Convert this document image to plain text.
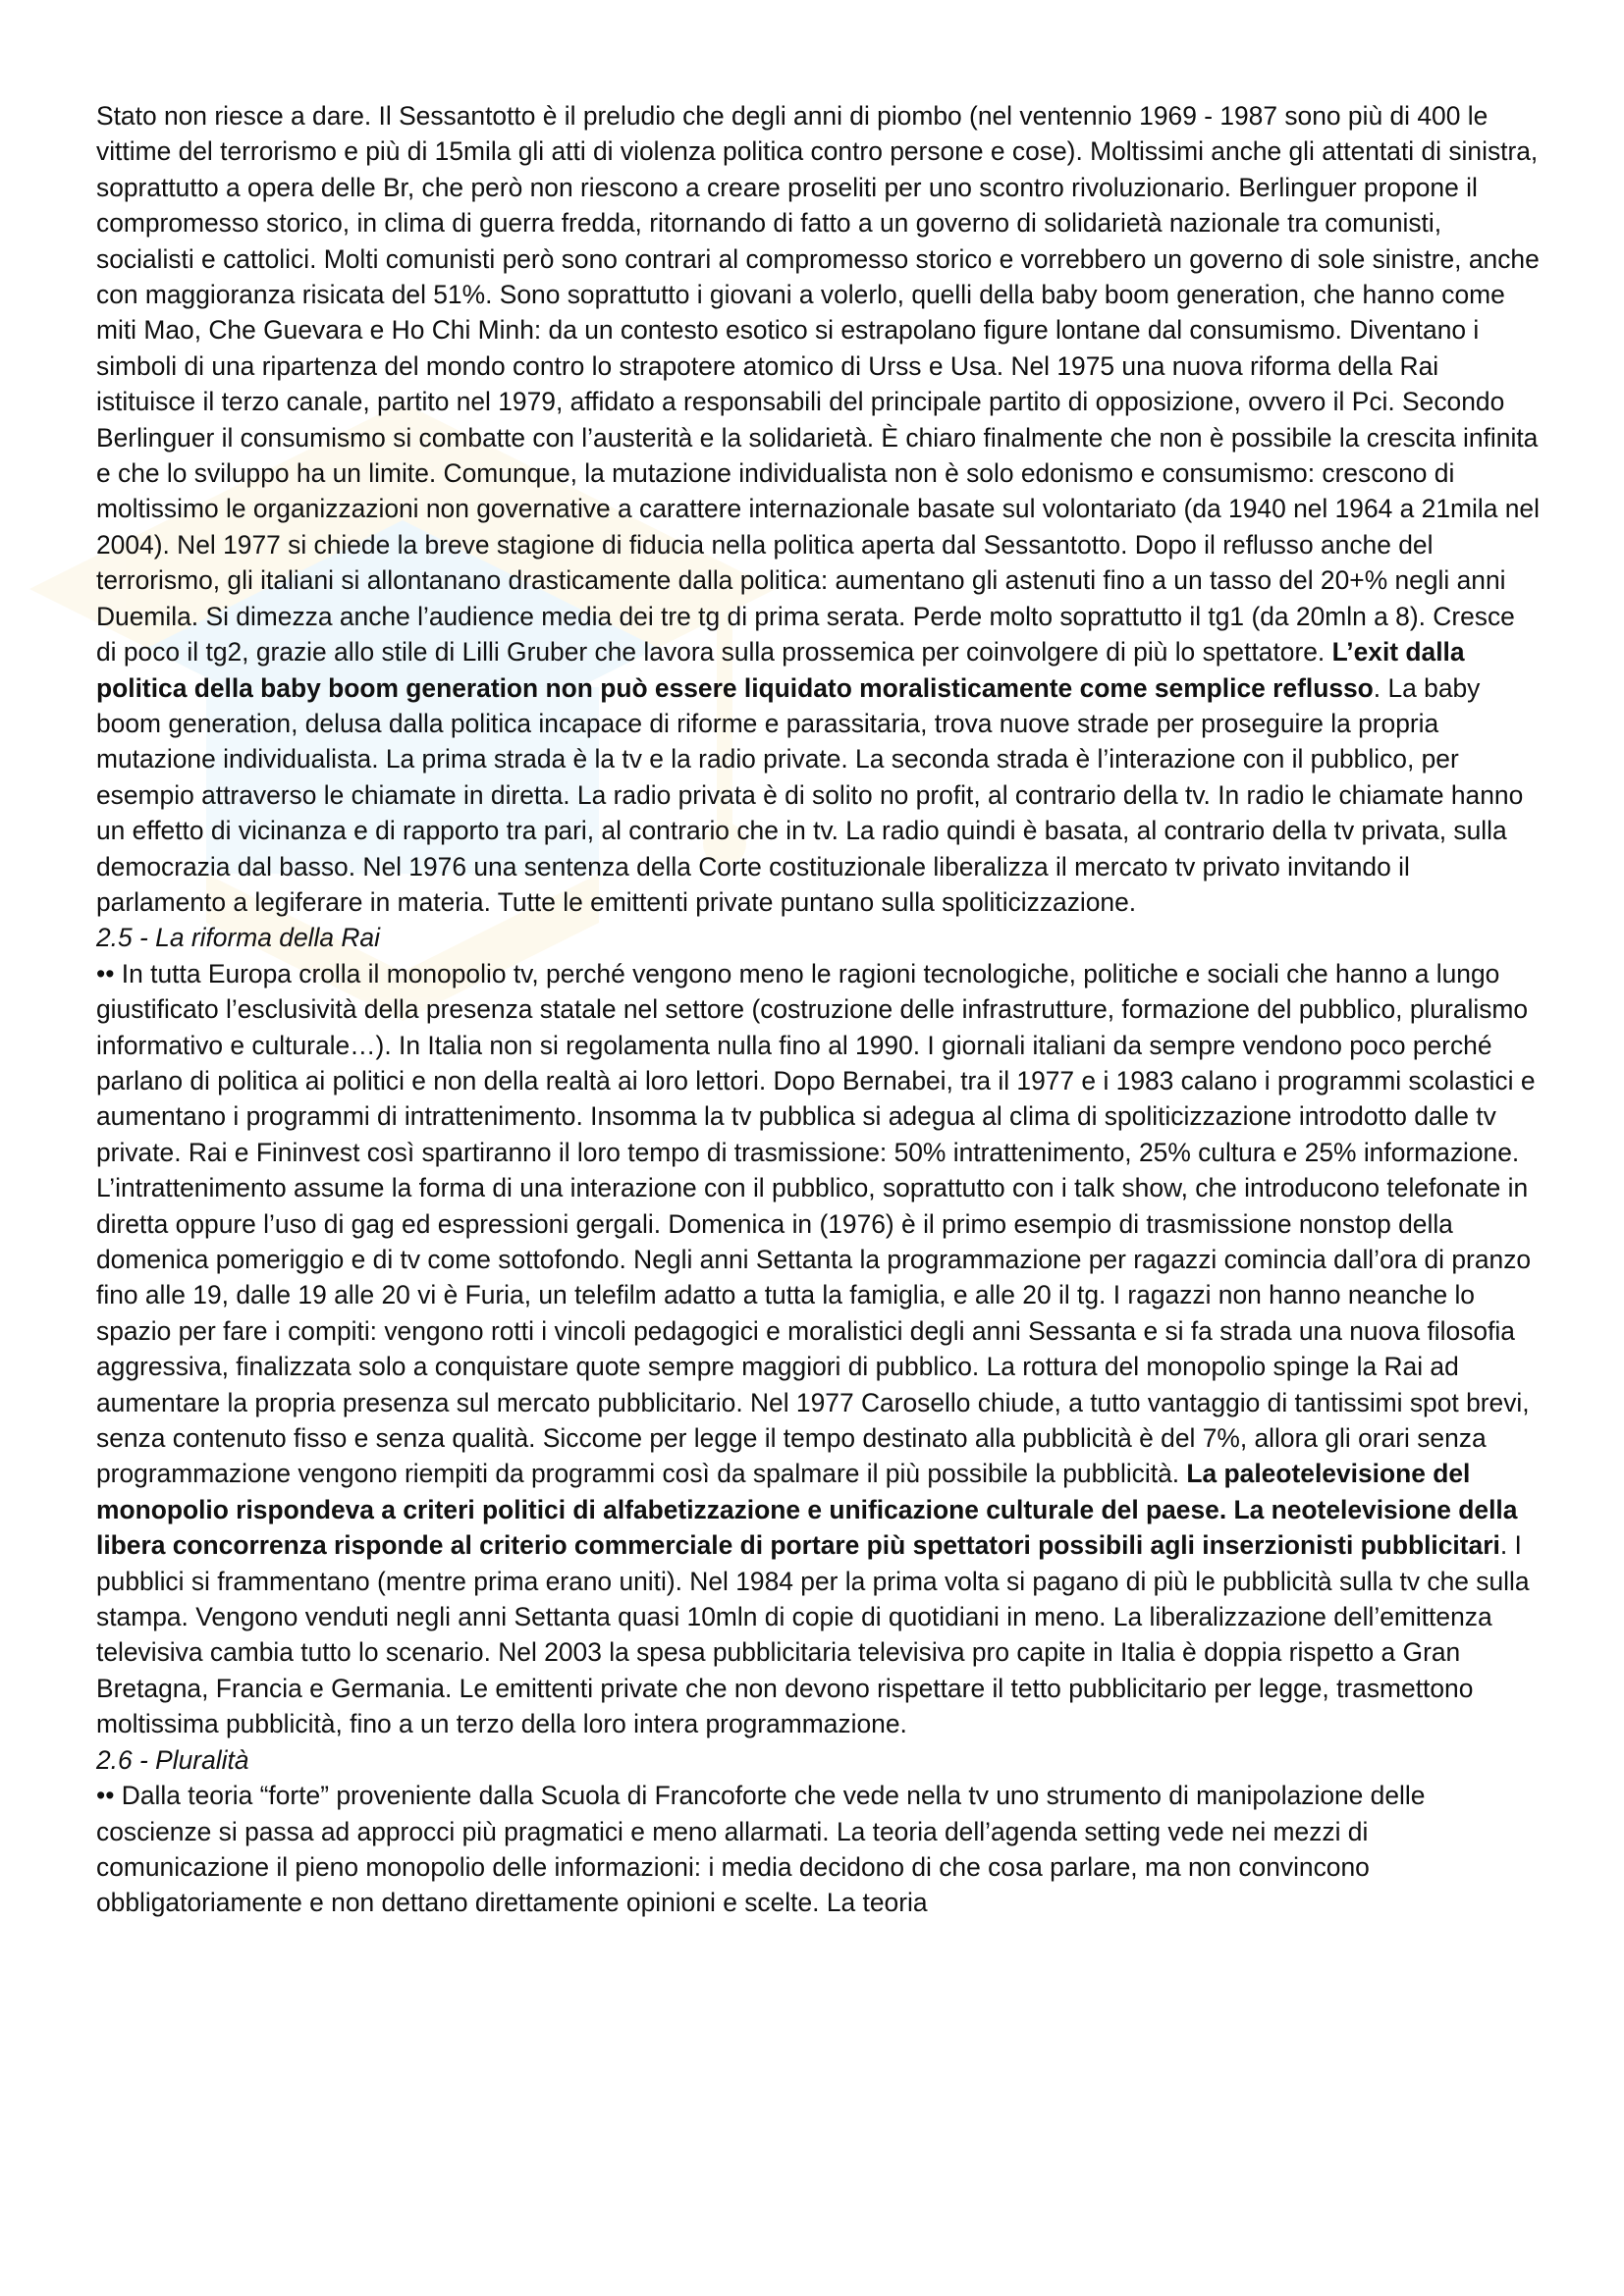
Stato non riesce a dare. Il Sessantotto è il preludio che degli anni di piombo (nel ventennio 1969 - 1987 sono più di 400 le vittime del terrorismo e più di 15mila gli atti di violenza politica contro persone e cose). Moltissimi anche gli attentati di sinistra, soprattutto a opera delle Br, che però non riescono a creare proseliti per uno scontro rivoluzionario. Berlinguer propone il compromesso storico, in clima di guerra fredda, ritornando di fatto a un governo di solidarietà nazionale tra comunisti, socialisti e cattolici. Molti comunisti però sono contrari al compromesso storico e vorrebbero un governo di sole sinistre, anche con maggioranza risicata del 51%. Sono soprattutto i giovani a volerlo, quelli della baby boom generation, che hanno come miti Mao, Che Guevara e Ho Chi Minh: da un contesto esotico si estrapolano figure lontane dal consumismo. Diventano i simboli di una ripartenza del mondo contro lo strapotere atomico di Urss e Usa. Nel 1975 una nuova riforma della Rai istituisce il terzo canale, partito nel 1979, affidato a responsabili del principale partito di opposizione, ovvero il Pci. Secondo Berlinguer il consumismo si combatte con l’austerità e la solidarietà. È chiaro finalmente che non è possibile la crescita infinita e che lo sviluppo ha un limite. Comunque, la mutazione individualista non è solo edonismo e consumismo: crescono di moltissimo le organizzazioni non governative a carattere internazionale basate sul volontariato (da 1940 nel 1964 a 21mila nel 2004). Nel 1977 si chiede la breve stagione di fiducia nella politica aperta dal Sessantotto. Dopo il reflusso anche del terrorismo, gli italiani si allontanano drasticamente dalla politica: aumentano gli astenuti fino a un tasso del 20+% negli anni Duemila. Si dimezza anche l’audience media dei tre tg di prima serata. Perde molto soprattutto il tg1 (da 20mln a 8). Cresce di poco il tg2, grazie allo stile di Lilli Gruber che lavora sulla prossemica per coinvolgere di più lo spettatore. L’exit dalla politica della baby boom generation non può essere liquidato moralisticamente come semplice reflusso. La baby boom generation, delusa dalla politica incapace di riforme e parassitaria, trova nuove strade per proseguire la propria mutazione individualista. La prima strada è la tv e la radio private. La seconda strada è l’interazione con il pubblico, per esempio attraverso le chiamate in diretta. La radio privata è di solito no profit, al contrario della tv. In radio le chiamate hanno un effetto di vicinanza e di rapporto tra pari, al contrario che in tv. La radio quindi è basata, al contrario della tv privata, sulla democrazia dal basso. Nel 1976 una sentenza della Corte costituzionale liberalizza il mercato tv privato invitando il parlamento a legiferare in materia. Tutte le emittenti private puntano sulla spoliticizzazione.

2.5 - La riforma della Rai

•• In tutta Europa crolla il monopolio tv, perché vengono meno le ragioni tecnologiche, politiche e sociali che hanno a lungo giustificato l’esclusività della presenza statale nel settore (costruzione delle infrastrutture, formazione del pubblico, pluralismo informativo e culturale…). In Italia non si regolamenta nulla fino al 1990. I giornali italiani da sempre vendono poco perché parlano di politica ai politici e non della realtà ai loro lettori. Dopo Bernabei, tra il 1977 e i 1983 calano i programmi scolastici e aumentano i programmi di intrattenimento. Insomma la tv pubblica si adegua al clima di spoliticizzazione introdotto dalle tv private. Rai e Fininvest così spartiranno il loro tempo di trasmissione: 50% intrattenimento, 25% cultura e 25% informazione. L’intrattenimento assume la forma di una interazione con il pubblico, soprattutto con i talk show, che introducono telefonate in diretta oppure l’uso di gag ed espressioni gergali. Domenica in (1976) è il primo esempio di trasmissione nonstop della domenica pomeriggio e di tv come sottofondo. Negli anni Settanta la programmazione per ragazzi comincia dall’ora di pranzo fino alle 19, dalle 19 alle 20 vi è Furia, un telefilm adatto a tutta la famiglia, e alle 20 il tg. I ragazzi non hanno neanche lo spazio per fare i compiti: vengono rotti i vincoli pedagogici e moralistici degli anni Sessanta e si fa strada una nuova filosofia aggressiva, finalizzata solo a conquistare quote sempre maggiori di pubblico. La rottura del monopolio spinge la Rai ad aumentare la propria presenza sul mercato pubblicitario. Nel 1977 Carosello chiude, a tutto vantaggio di tantissimi spot brevi, senza contenuto fisso e senza qualità. Siccome per legge il tempo destinato alla pubblicità è del 7%, allora gli orari senza programmazione vengono riempiti da programmi così da spalmare il più possibile la pubblicità. La paleotelevisione del monopolio rispondeva a criteri politici di alfabetizzazione e unificazione culturale del paese. La neotelevisione della libera concorrenza risponde al criterio commerciale di portare più spettatori possibili agli inserzionisti pubblicitari. I pubblici si frammentano (mentre prima erano uniti). Nel 1984 per la prima volta si pagano di più le pubblicità sulla tv che sulla stampa. Vengono venduti negli anni Settanta quasi 10mln di copie di quotidiani in meno. La liberalizzazione dell’emittenza televisiva cambia tutto lo scenario. Nel 2003 la spesa pubblicitaria televisiva pro capite in Italia è doppia rispetto a Gran Bretagna, Francia e Germania. Le emittenti private che non devono rispettare il tetto pubblicitario per legge, trasmettono moltissima pubblicità, fino a un terzo della loro intera programmazione.

2.6 - Pluralità

•• Dalla teoria “forte” proveniente dalla Scuola di Francoforte che vede nella tv uno strumento di manipolazione delle coscienze si passa ad approcci più pragmatici e meno allarmati. La teoria dell’agenda setting vede nei mezzi di comunicazione il pieno monopolio delle informazioni: i media decidono di che cosa parlare, ma non convincono obbligatoriamente e non dettano direttamente opinioni e scelte. La teoria
